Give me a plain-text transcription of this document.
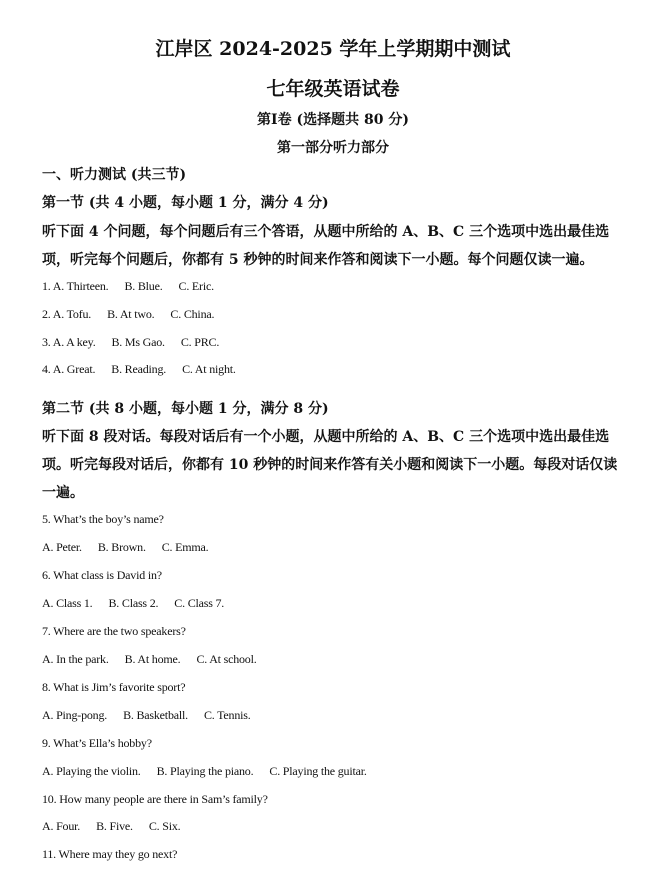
江岸区 2024-2025 学年上学期期中测试
七年级英语试卷
第Ⅰ卷 (选择题共 80 分)
第一部分听力部分
一、听力测试 (共三节)
第一节 (共 4 小题，每小题 1 分，满分 4 分)
听下面 4 个问题，每个问题后有三个答语，从题中所给的 A、B、C 三个选项中选出最佳选
项，听完每个问题后，你都有 5 秒钟的时间来作答和阅读下一小题。每个问题仅读一遍。
1. A. Thirteen. B. Blue. C. Eric.
2. A. Tofu. B. At two. C. China.
3. A. A key. B. Ms Gao. C. PRC.
4. A. Great. B. Reading. C. At night.
第二节 (共 8 小题，每小题 1 分，满分 8 分)
听下面 8 段对话。每段对话后有一个小题，从题中所给的 A、B、C 三个选项中选出最佳选
项。听完每段对话后，你都有 10 秒钟的时间来作答有关小题和阅读下一小题。每段对话仅读
一遍。
5. What’s the boy’s name?
A. Peter. B. Brown. C. Emma.
6. What class is David in?
A. Class 1. B. Class 2. C. Class 7.
7. Where are the two speakers?
A. In the park. B. At home. C. At school.
8. What is Jim’s favorite sport?
A. Ping-pong. B. Basketball. C. Tennis.
9. What’s Ella’s hobby?
A. Playing the violin. B. Playing the piano. C. Playing the guitar.
10. How many people are there in Sam’s family?
A. Four. B. Five. C. Six.
11. Where may they go next?
